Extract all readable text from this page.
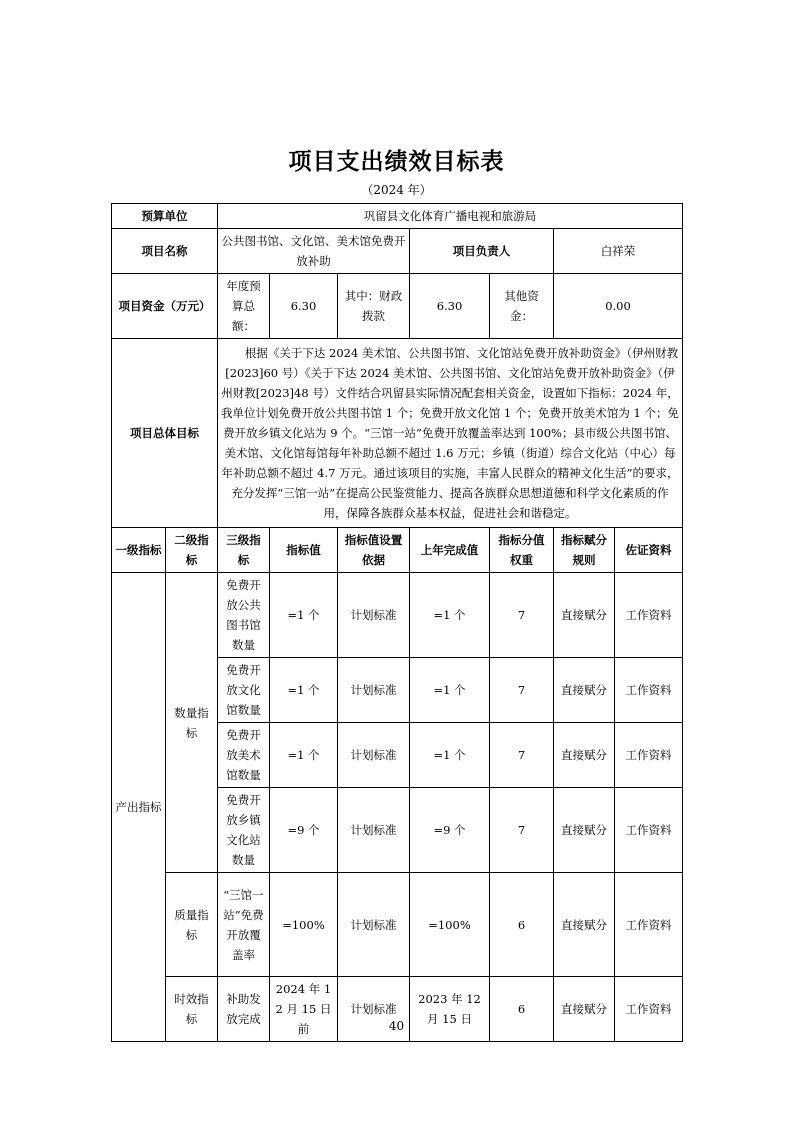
项目支出绩效目标表
（2024 年）
预算单位		巩留县文化体育广播电视和旅游局						
项目名称		公共图书馆、文化馆、美术馆免费开放补助			项目负责人		白祥荣	
项目资金（万元）		年度预算总额：	6.30	其中：财政拨款	6.30	其他资金：	0.00	
项目总体目标		根据《关于下达 2024 美术馆、公共图书馆、文化馆站免费开放补助资金》（伊州财教[2023]60 号）《关于下达 2024 美术馆、公共图书馆、文化馆站免费开放补助资金》（伊州财教[2023]48 号）文件结合巩留县实际情况配套相关资金，设置如下指标：2024 年，我单位计划免费开放公共图书馆 1 个；免费开放文化馆 1 个；免费开放美术馆为 1 个；免费开放乡镇文化站为 9 个。“三馆一站”免费开放覆盖率达到 100%；县市级公共图书馆、美术馆、文化馆每馆每年补助总额不超过 1.6 万元；乡镇（街道）综合文化站（中心）每年补助总额不超过 4.7 万元。通过该项目的实施，丰富人民群众的精神文化生活”的要求，充分发挥“三馆一站”在提高公民鉴赏能力、提高各族群众思想道德和科学文化素质的作用，保障各族群众基本权益，促进社会和谐稳定。						
一级指标	二级指标	三级指标	指标值	指标值设置依据	上年完成值	指标分值权重	指标赋分规则	佐证资料
产出指标	数量指标	免费开放公共图书馆数量	=1 个	计划标准	=1 个	7	直接赋分	工作资料
		免费开放文化馆数量	=1 个	计划标准	=1 个	7	直接赋分	工作资料
		免费开放美术馆数量	=1 个	计划标准	=1 个	7	直接赋分	工作资料
		免费开放乡镇文化站数量	=9 个	计划标准	=9 个	7	直接赋分	工作资料
	质量指标	“三馆一站”免费开放覆盖率	=100%	计划标准	=100%	6	直接赋分	工作资料
	时效指标	补助发放完成	2024 年 12 月 15 日前	计划标准	2023 年 12 月 15 日	6	直接赋分	工作资料
40
